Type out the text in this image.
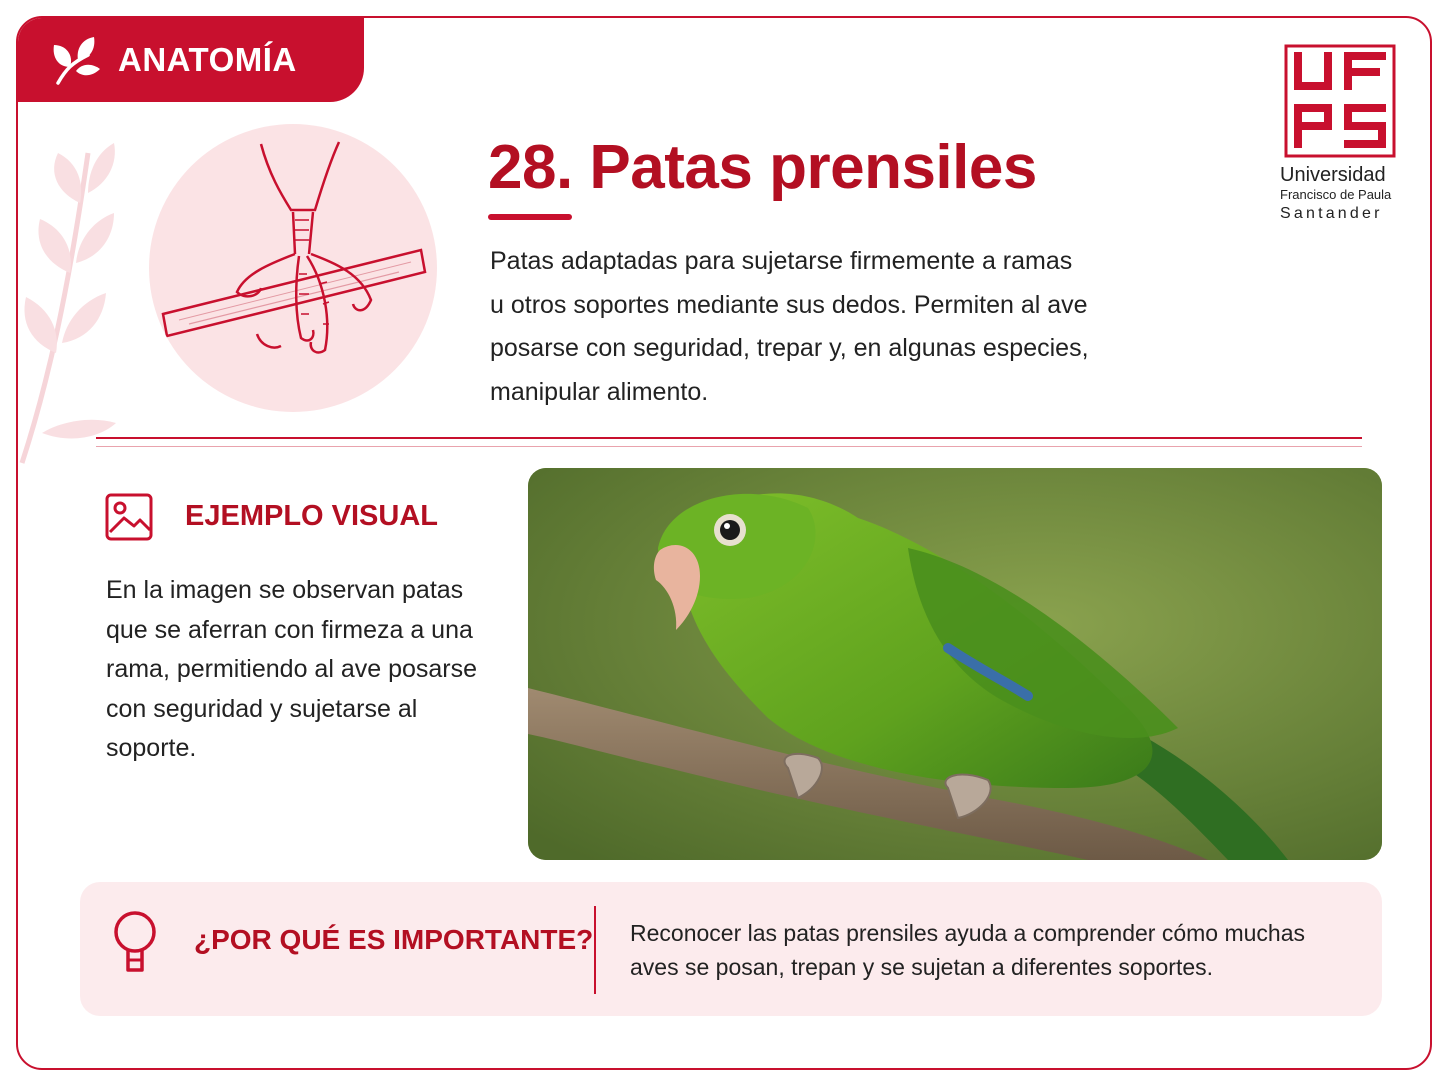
ANATOMÍA
28. Patas prensiles

Patas adaptadas para sujetarse firmemente a ramas u otros soportes mediante sus dedos. Permiten al ave posarse con seguridad, trepar y, en algunas especies, manipular alimento.

Universidad
Francisco de Paula
Santander
EJEMPLO VISUAL

En la imagen se observan patas que se aferran con firmeza a una rama, permitiendo al ave posarse con seguridad y sujetarse al soporte.

¿POR QUÉ ES IMPORTANTE? Reconocer las patas prensiles ayuda a comprender cómo muchas aves se posan, trepan y se sujetan a diferentes soportes.
